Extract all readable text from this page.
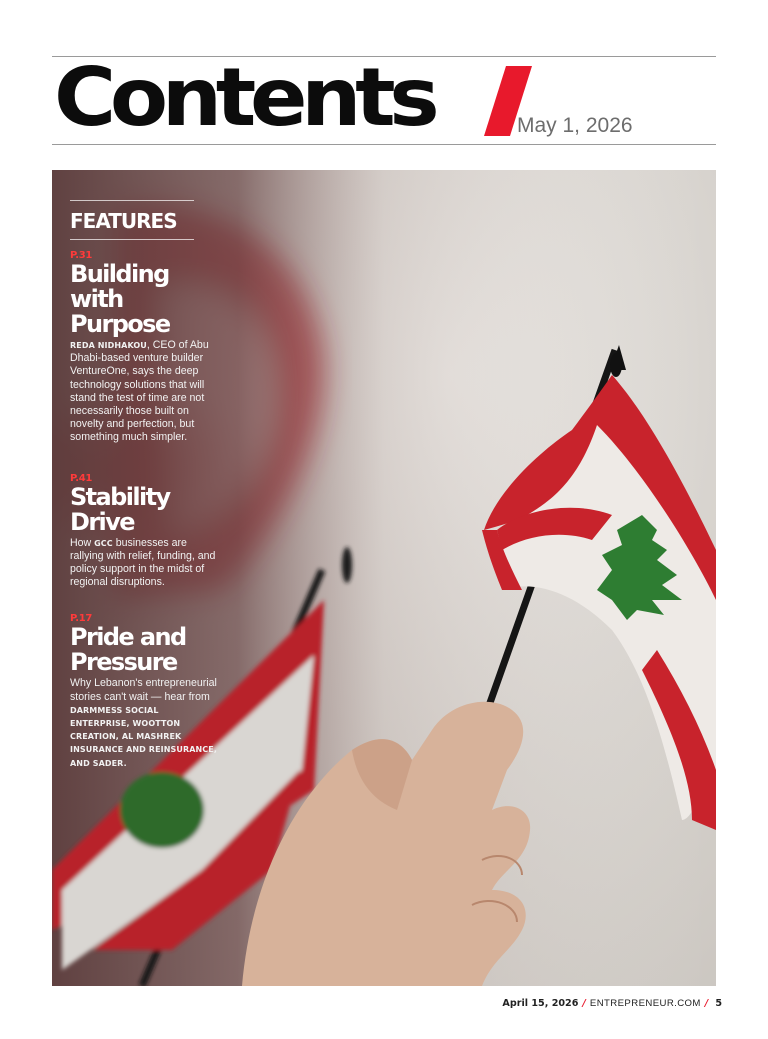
Contents	May 1, 2026
FEATURES
P.31
Building
with
Purpose
REDA NIDHAKOU, CEO of Abu Dhabi-based venture builder VentureOne, says the deep technology solutions that will stand the test of time are not necessarily those built on novelty and perfection, but something much simpler.
P.41
Stability
Drive
How GCC businesses are rallying with relief, funding, and policy support in the midst of regional disruptions.
P.17
Pride and
Pressure
Why Lebanon's entrepreneurial stories can't wait — hear from DARMMESS SOCIAL ENTERPRISE, WOOTTON CREATION, AL MASHREK INSURANCE AND REINSURANCE, AND SADER.
April 15, 2026 / ENTREPRENEUR.COM / 5
